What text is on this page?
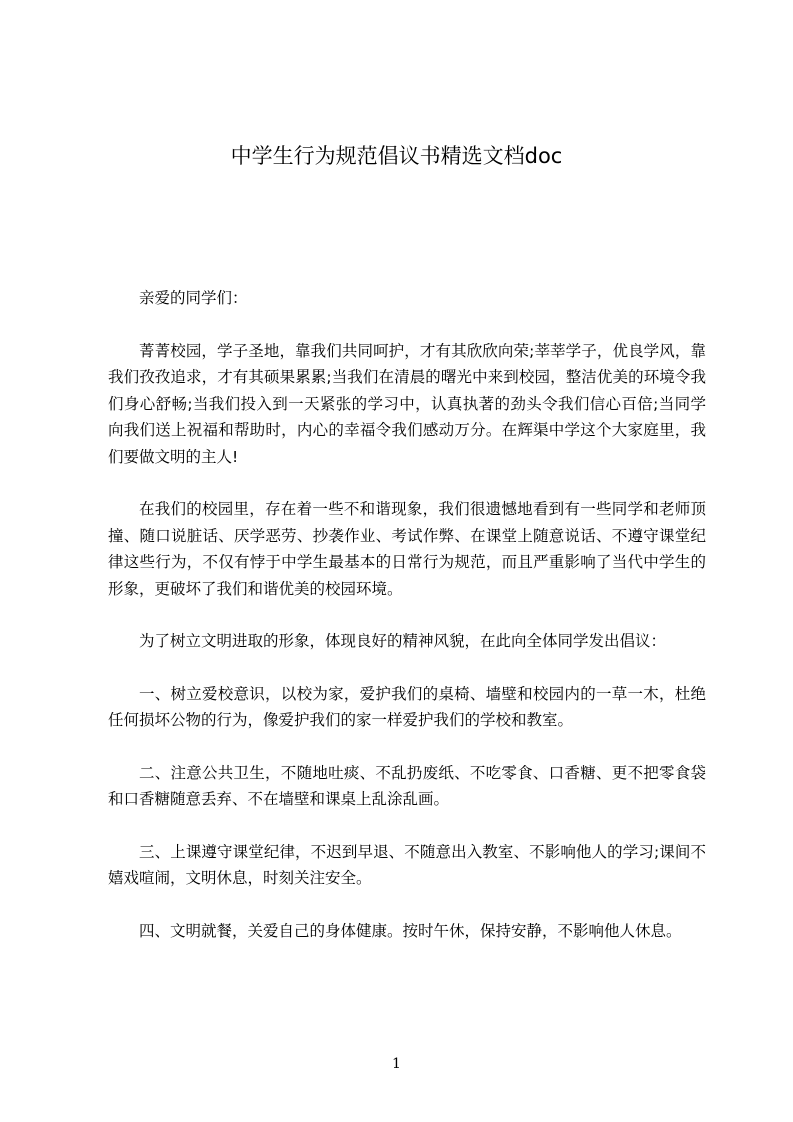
中学生行为规范倡议书精选文档doc

亲爱的同学们：

菁菁校园，学子圣地，靠我们共同呵护，才有其欣欣向荣;莘莘学子，优良学风，靠我们孜孜追求，才有其硕果累累;当我们在清晨的曙光中来到校园，整洁优美的环境令我们身心舒畅;当我们投入到一天紧张的学习中，认真执著的劲头令我们信心百倍;当同学向我们送上祝福和帮助时，内心的幸福令我们感动万分。在辉渠中学这个大家庭里，我们要做文明的主人!

在我们的校园里，存在着一些不和谐现象，我们很遗憾地看到有一些同学和老师顶撞、随口说脏话、厌学恶劳、抄袭作业、考试作弊、在课堂上随意说话、不遵守课堂纪律这些行为，不仅有悖于中学生最基本的日常行为规范，而且严重影响了当代中学生的形象，更破坏了我们和谐优美的校园环境。

为了树立文明进取的形象，体现良好的精神风貌，在此向全体同学发出倡议：

一、树立爱校意识，以校为家，爱护我们的桌椅、墙壁和校园内的一草一木，杜绝任何损坏公物的行为，像爱护我们的家一样爱护我们的学校和教室。

二、注意公共卫生，不随地吐痰、不乱扔废纸、不吃零食、口香糖、更不把零食袋和口香糖随意丢弃、不在墙壁和课桌上乱涂乱画。

三、上课遵守课堂纪律，不迟到早退、不随意出入教室、不影响他人的学习;课间不嬉戏喧闹，文明休息，时刻关注安全。

四、文明就餐，关爱自己的身体健康。按时午休，保持安静，不影响他人休息。

1
